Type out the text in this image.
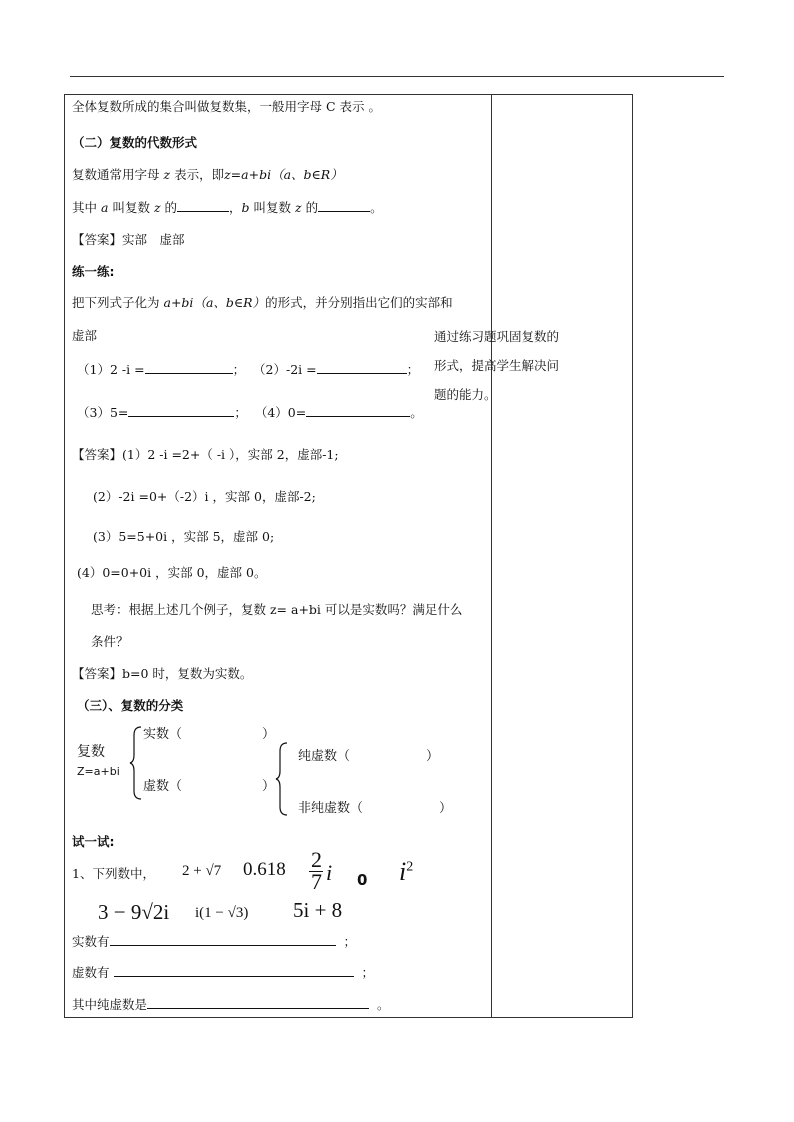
全体复数所成的集合叫做复数集，一般用字母 C 表示 。
（二）复数的代数形式
复数通常用字母 z 表示，即z=a+bi（a、b∈R）
其中 a 叫复数 z 的	，b 叫复数 z 的	。
【答案】实部　虚部
练一练:
把下列式子化为 a+bi（a、b∈R）的形式，并分别指出它们的实部和
虚部
（1）2 -i =	； （2）-2i =	；
（3）5=	； （4）0=	。
【答案】(1）2 -i =2+（ -i ），实部 2，虚部-1;
(2）-2i =0+（-2）i ，实部 0，虚部-2;
(3）5=5+0i ，实部 5，虚部 0;
(4）0=0+0i ，实部 0，虚部 0。
思考：根据上述几个例子，复数 z= a+bi 可以是实数吗？满足什么
条件？
【答案】b=0 时，复数为实数。
（三）、复数的分类
复数
Z=a+bi
实数（	）
虚数（	）
纯虚数（	）
非纯虚数（	）
试一试:
1、下列数中， 2 + √7 0.618 2
7 i 0 $i^2$
3 − 9√2i i(1 − √3) 5i + 8
实数有	；
虚数有	；
其中纯虚数是	。
通过练习题巩固复数的形式，提高学生解决问题的能力。
